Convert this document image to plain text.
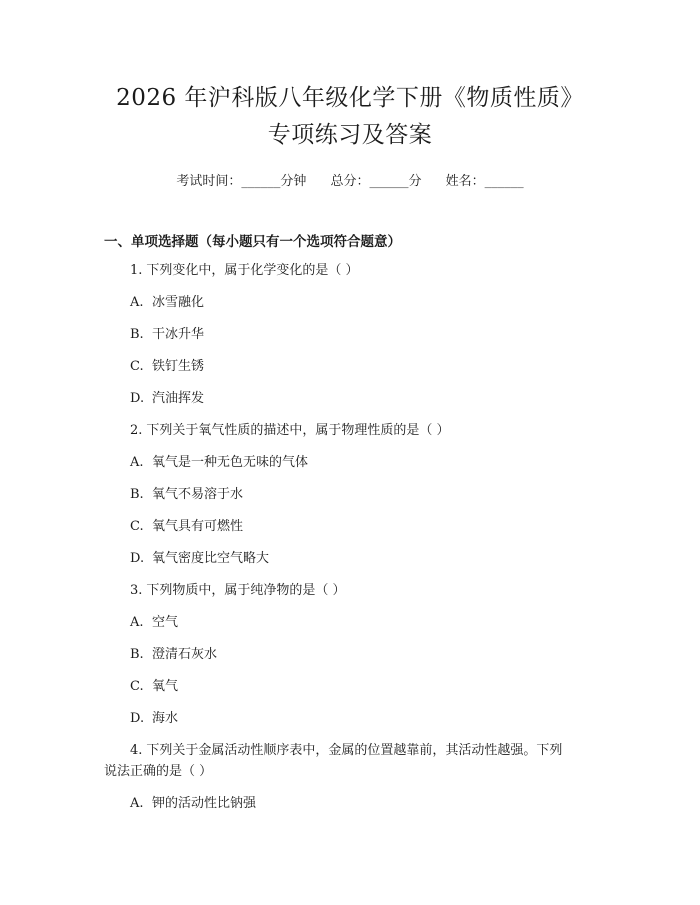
2026 年沪科版八年级化学下册《物质性质》
专项练习及答案
考试时间：______分钟 总分：______分 姓名：______
一、单项选择题（每小题只有一个选项符合题意）
1. 下列变化中，属于化学变化的是（ ）
A. 冰雪融化
B. 干冰升华
C. 铁钉生锈
D. 汽油挥发
2. 下列关于氧气性质的描述中，属于物理性质的是（ ）
A. 氧气是一种无色无味的气体
B. 氧气不易溶于水
C. 氧气具有可燃性
D. 氧气密度比空气略大
3. 下列物质中，属于纯净物的是（ ）
A. 空气
B. 澄清石灰水
C. 氧气
D. 海水
4. 下列关于金属活动性顺序表中，金属的位置越靠前，其活动性越强。下列
说法正确的是（ ）
A. 钾的活动性比钠强
